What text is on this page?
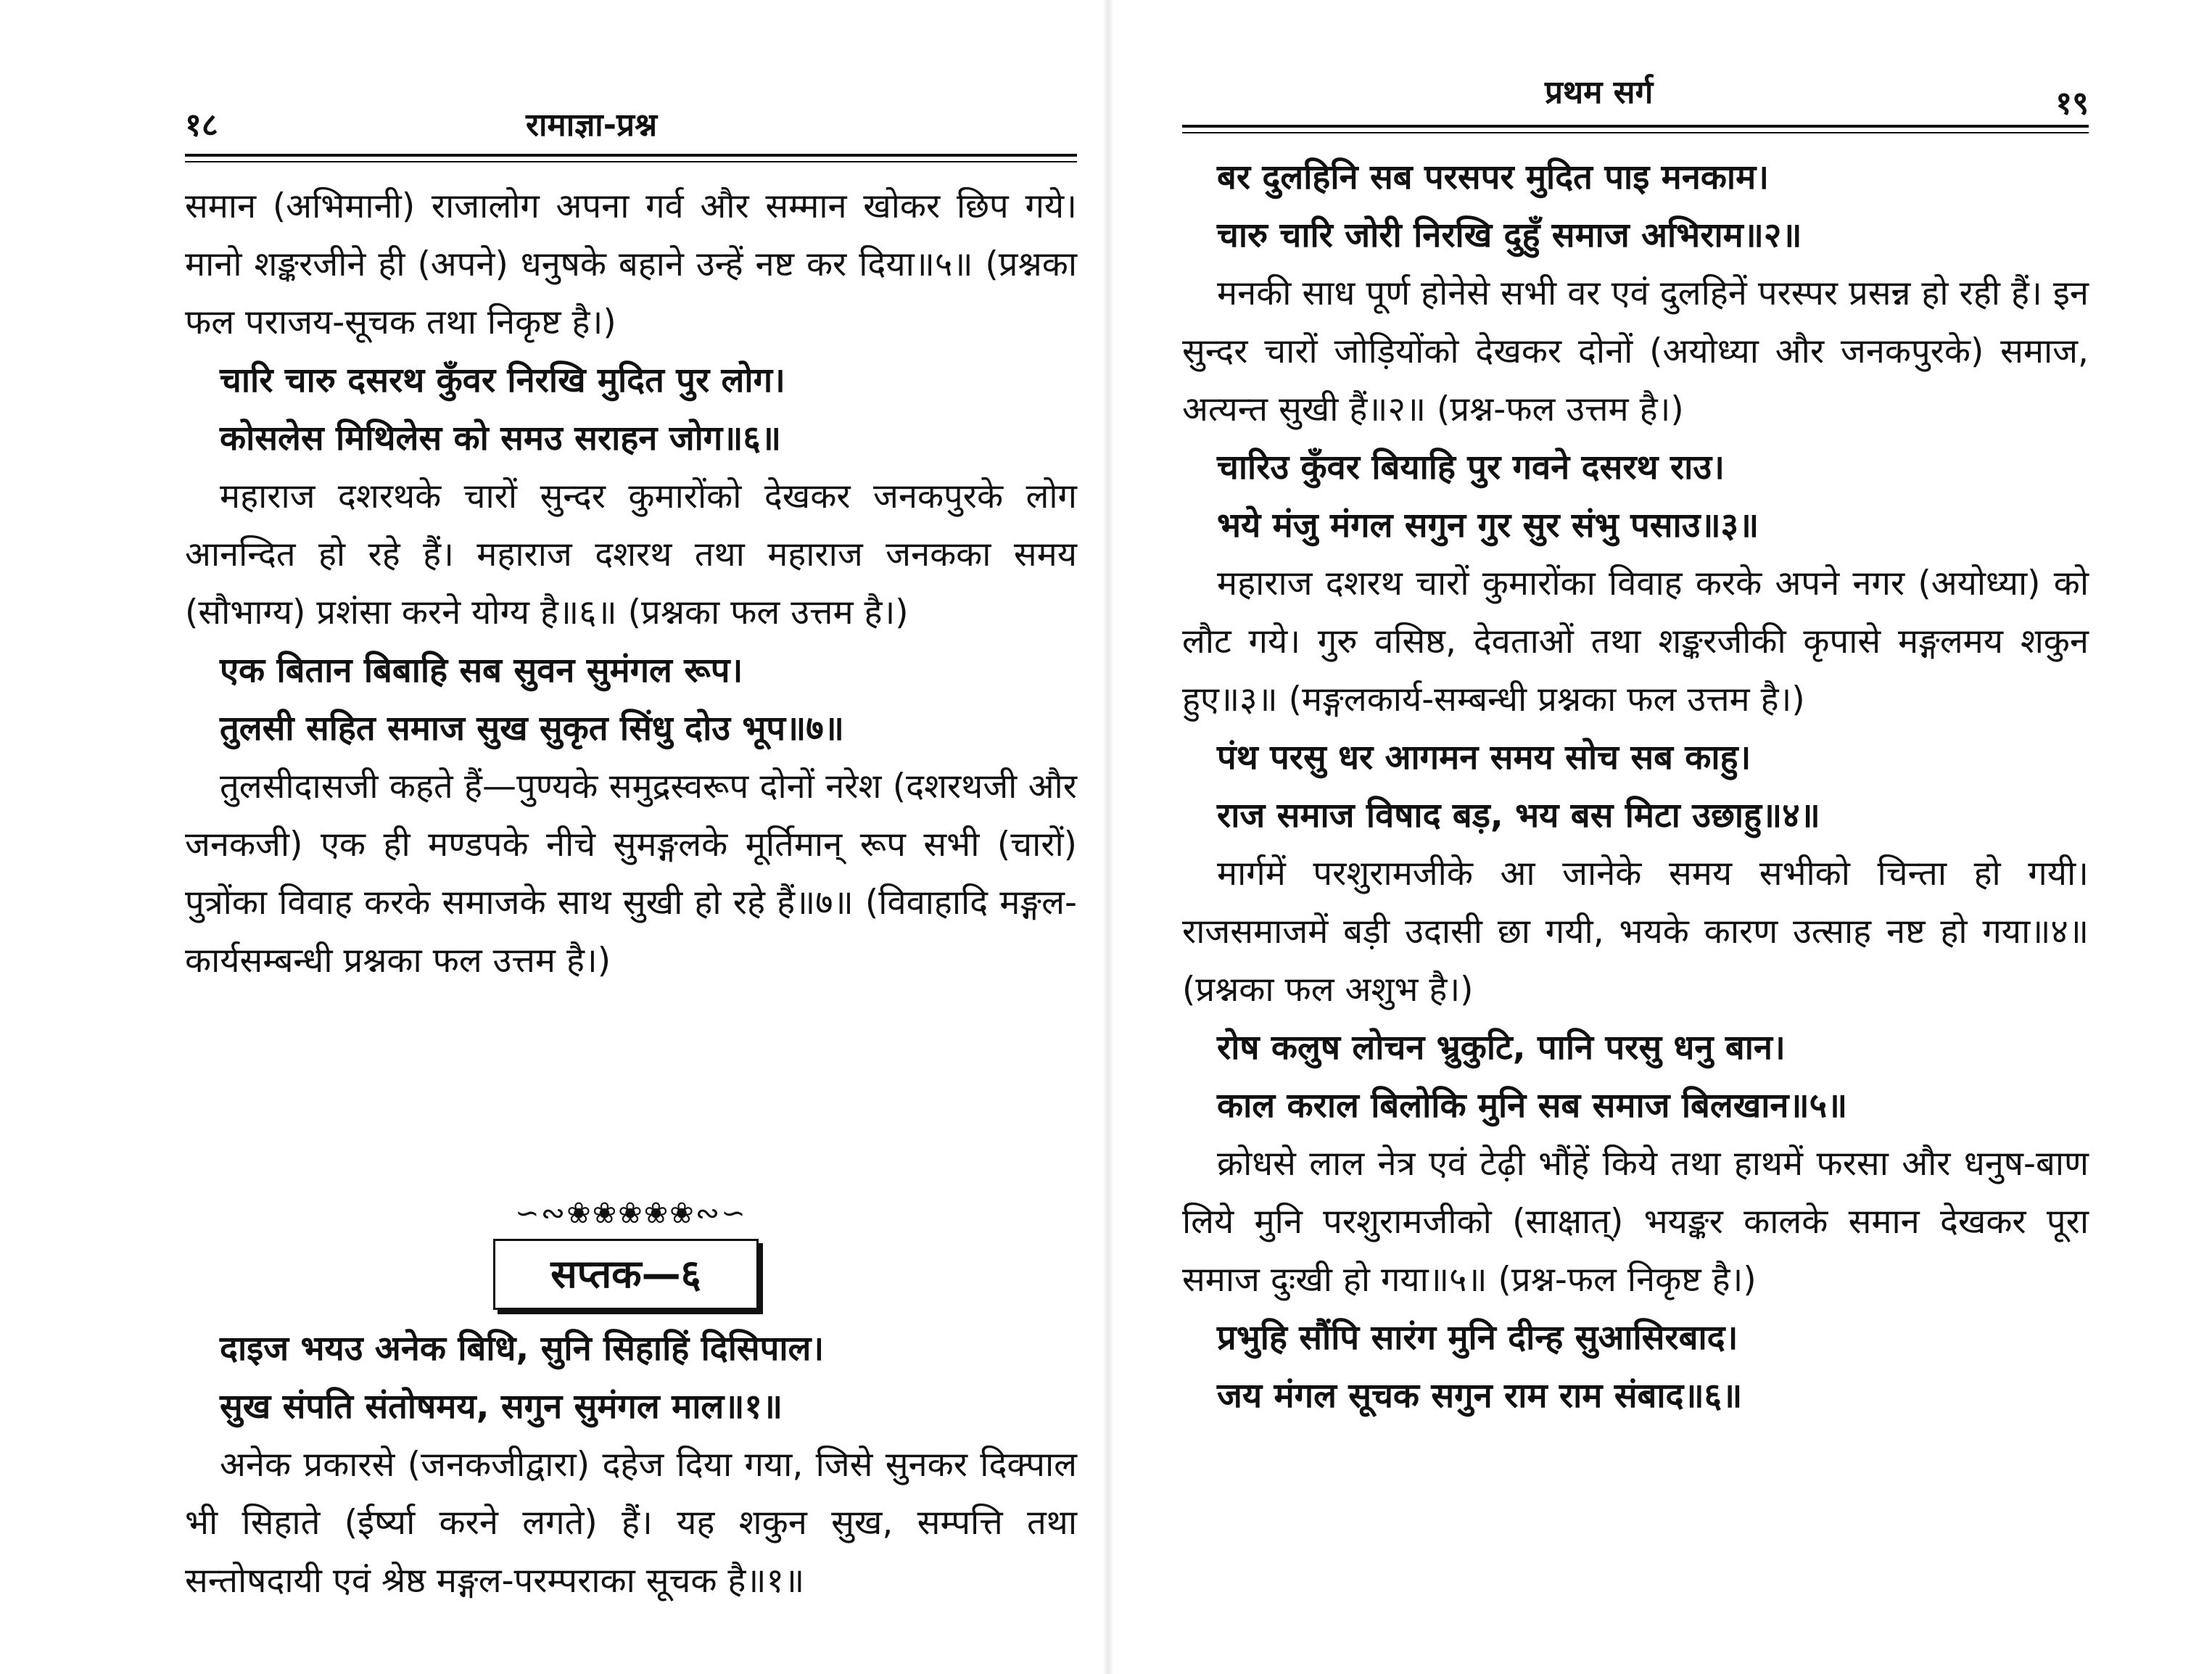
१८	रामाज्ञा-प्रश्न
समान (अभिमानी) राजालोग अपना गर्व और सम्मान खोकर छिप गये। मानो शङ्करजीने ही (अपने) धनुषके बहाने उन्हें नष्ट कर दिया॥५॥ (प्रश्नका फल पराजय-सूचक तथा निकृष्ट है।)
चारि चारु दसरथ कुँवर निरखि मुदित पुर लोग।
कोसलेस मिथिलेस को समउ सराहन जोग॥६॥
महाराज दशरथके चारों सुन्दर कुमारोंको देखकर जनकपुरके लोग आनन्दित हो रहे हैं। महाराज दशरथ तथा महाराज जनकका समय (सौभाग्य) प्रशंसा करने योग्य है॥६॥ (प्रश्नका फल उत्तम है।)
एक बितान बिबाहि सब सुवन सुमंगल रूप।
तुलसी सहित समाज सुख सुकृत सिंधु दोउ भूप॥७॥
तुलसीदासजी कहते हैं—पुण्यके समुद्रस्वरूप दोनों नरेश (दशरथजी और जनकजी) एक ही मण्डपके नीचे सुमङ्गलके मूर्तिमान् रूप सभी (चारों) पुत्रोंका विवाह करके समाजके साथ सुखी हो रहे हैं॥७॥ (विवाहादि मङ्गल-कार्यसम्बन्धी प्रश्नका फल उत्तम है।)
∽∾❀❀❀❀❀∾∽
सप्तक—६
दाइज भयउ अनेक बिधि, सुनि सिहाहिं दिसिपाल।
सुख संपति संतोषमय, सगुन सुमंगल माल॥१॥
अनेक प्रकारसे (जनकजीद्वारा) दहेज दिया गया, जिसे सुनकर दिक्पाल भी सिहाते (ईर्ष्या करने लगते) हैं। यह शकुन सुख, सम्पत्ति तथा सन्तोषदायी एवं श्रेष्ठ मङ्गल-परम्पराका सूचक है॥१॥
प्रथम सर्ग	१९
बर दुलहिनि सब परसपर मुदित पाइ मनकाम।
चारु चारि जोरी निरखि दुहुँ समाज अभिराम॥२॥
मनकी साध पूर्ण होनेसे सभी वर एवं दुलहिनें परस्पर प्रसन्न हो रही हैं। इन सुन्दर चारों जोड़ियोंको देखकर दोनों (अयोध्या और जनकपुरके) समाज, अत्यन्त सुखी हैं॥२॥ (प्रश्न-फल उत्तम है।)
चारिउ कुँवर बियाहि पुर गवने दसरथ राउ।
भये मंजु मंगल सगुन गुर सुर संभु पसाउ॥३॥
महाराज दशरथ चारों कुमारोंका विवाह करके अपने नगर (अयोध्या) को लौट गये। गुरु वसिष्ठ, देवताओं तथा शङ्करजीकी कृपासे मङ्गलमय शकुन हुए॥३॥ (मङ्गलकार्य-सम्बन्धी प्रश्नका फल उत्तम है।)
पंथ परसु धर आगमन समय सोच सब काहु।
राज समाज विषाद बड़, भय बस मिटा उछाहु॥४॥
मार्गमें परशुरामजीके आ जानेके समय सभीको चिन्ता हो गयी। राजसमाजमें बड़ी उदासी छा गयी, भयके कारण उत्साह नष्ट हो गया॥४॥ (प्रश्नका फल अशुभ है।)
रोष कलुष लोचन भ्रुकुटि, पानि परसु धनु बान।
काल कराल बिलोकि मुनि सब समाज बिलखान॥५॥
क्रोधसे लाल नेत्र एवं टेढ़ी भौंहें किये तथा हाथमें फरसा और धनुष-बाण लिये मुनि परशुरामजीको (साक्षात्) भयङ्कर कालके समान देखकर पूरा समाज दुःखी हो गया॥५॥ (प्रश्न-फल निकृष्ट है।)
प्रभुहि सौंपि सारंग मुनि दीन्ह सुआसिरबाद।
जय मंगल सूचक सगुन राम राम संबाद॥६॥
